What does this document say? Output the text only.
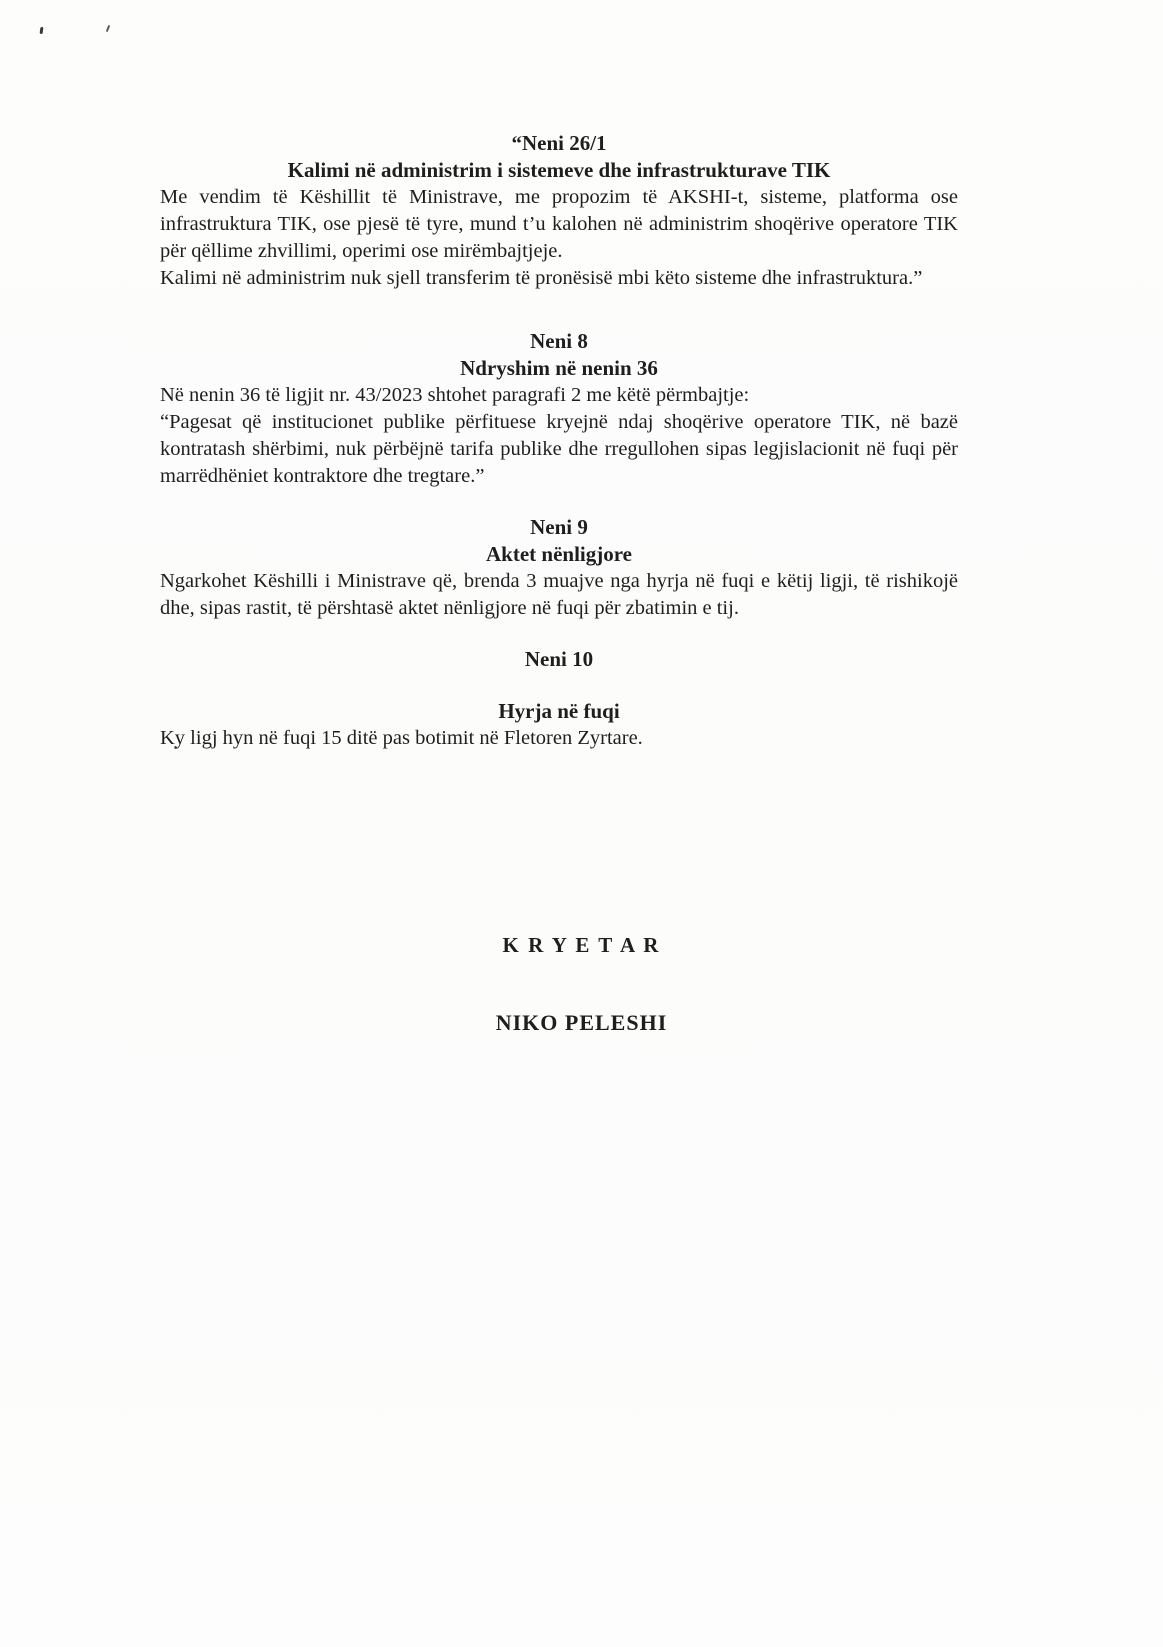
“Neni 26/1
Kalimi në administrim i sistemeve dhe infrastrukturave TIK

Me vendim të Këshillit të Ministrave, me propozim të AKSHI-t, sisteme, platforma ose infrastruktura TIK, ose pjesë të tyre, mund t’u kalohen në administrim shoqërive operatore TIK për qëllime zhvillimi, operimi ose mirëmbajtjeje.

Kalimi në administrim nuk sjell transferim të pronësisë mbi këto sisteme dhe infrastruktura.”

Neni 8
Ndryshim në nenin 36

Në nenin 36 të ligjit nr. 43/2023 shtohet paragrafi 2 me këtë përmbajtje:

“Pagesat që institucionet publike përfituese kryejnë ndaj shoqërive operatore TIK, në bazë kontratash shërbimi, nuk përbëjnë tarifa publike dhe rregullohen sipas legjislacionit në fuqi për marrëdhëniet kontraktore dhe tregtare.”

Neni 9
Aktet nënligjore

Ngarkohet Këshilli i Ministrave që, brenda 3 muajve nga hyrja në fuqi e këtij ligji, të rishikojë dhe, sipas rastit, të përshtasë aktet nënligjore në fuqi për zbatimin e tij.

Neni 10
Hyrja në fuqi

Ky ligj hyn në fuqi 15 ditë pas botimit në Fletoren Zyrtare.

K R Y E T A R
NIKO PELESHI
